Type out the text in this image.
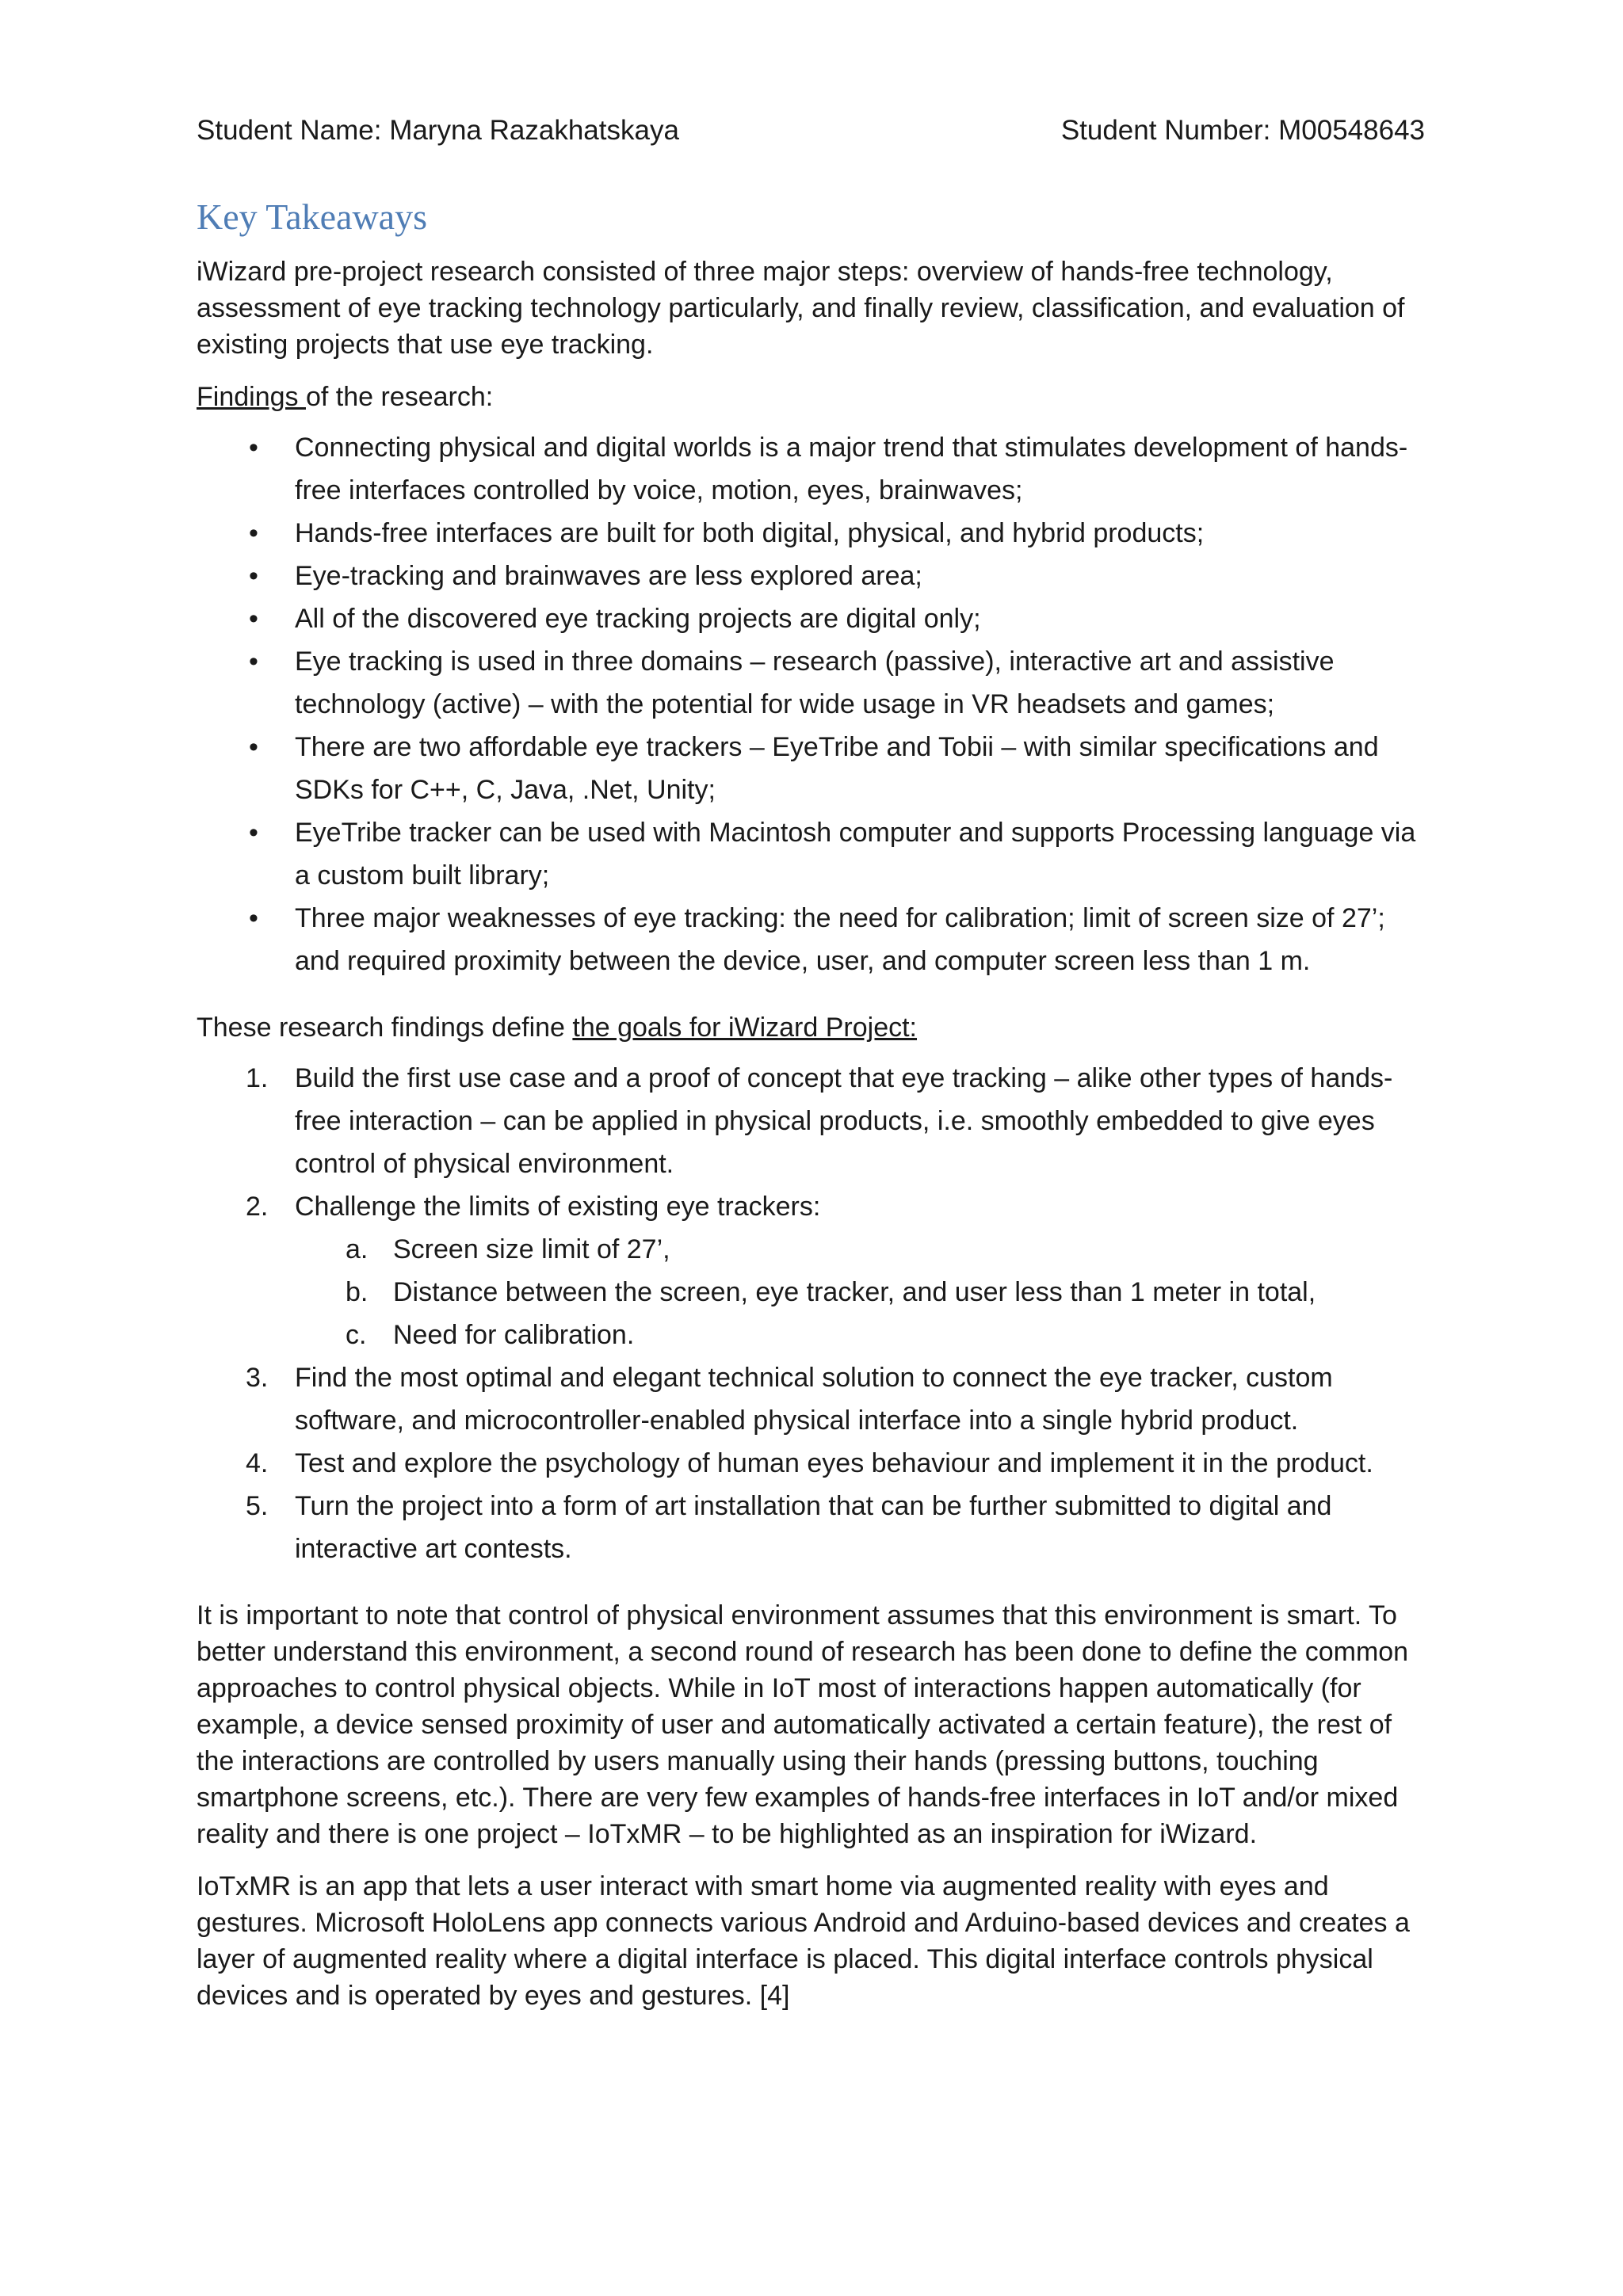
Student Name: Maryna Razakhatskaya	Student Number: M00548643
Key Takeaways

iWizard pre-project research consisted of three major steps: overview of hands-free technology, assessment of eye tracking technology particularly, and finally review, classification, and evaluation of existing projects that use eye tracking.

Findings of the research:

• Connecting physical and digital worlds is a major trend that stimulates development of hands-free interfaces controlled by voice, motion, eyes, brainwaves;
• Hands-free interfaces are built for both digital, physical, and hybrid products;
• Eye-tracking and brainwaves are less explored area;
• All of the discovered eye tracking projects are digital only;
• Eye tracking is used in three domains – research (passive), interactive art and assistive technology (active) – with the potential for wide usage in VR headsets and games;
• There are two affordable eye trackers – EyeTribe and Tobii – with similar specifications and SDKs for C++, C, Java, .Net, Unity;
• EyeTribe tracker can be used with Macintosh computer and supports Processing language via a custom built library;
• Three major weaknesses of eye tracking: the need for calibration; limit of screen size of 27’; and required proximity between the device, user, and computer screen less than 1 m.

These research findings define the goals for iWizard Project:

1. Build the first use case and a proof of concept that eye tracking – alike other types of hands-free interaction – can be applied in physical products, i.e. smoothly embedded to give eyes control of physical environment.
2. Challenge the limits of existing eye trackers:
a. Screen size limit of 27’,
b. Distance between the screen, eye tracker, and user less than 1 meter in total,
c. Need for calibration.
3. Find the most optimal and elegant technical solution to connect the eye tracker, custom software, and microcontroller-enabled physical interface into a single hybrid product.
4. Test and explore the psychology of human eyes behaviour and implement it in the product.
5. Turn the project into a form of art installation that can be further submitted to digital and interactive art contests.

It is important to note that control of physical environment assumes that this environment is smart. To better understand this environment, a second round of research has been done to define the common approaches to control physical objects. While in IoT most of interactions happen automatically (for example, a device sensed proximity of user and automatically activated a certain feature), the rest of the interactions are controlled by users manually using their hands (pressing buttons, touching smartphone screens, etc.). There are very few examples of hands-free interfaces in IoT and/or mixed reality and there is one project – IoTxMR – to be highlighted as an inspiration for iWizard.

IoTxMR is an app that lets a user interact with smart home via augmented reality with eyes and gestures. Microsoft HoloLens app connects various Android and Arduino-based devices and creates a layer of augmented reality where a digital interface is placed. This digital interface controls physical devices and is operated by eyes and gestures. [4]
